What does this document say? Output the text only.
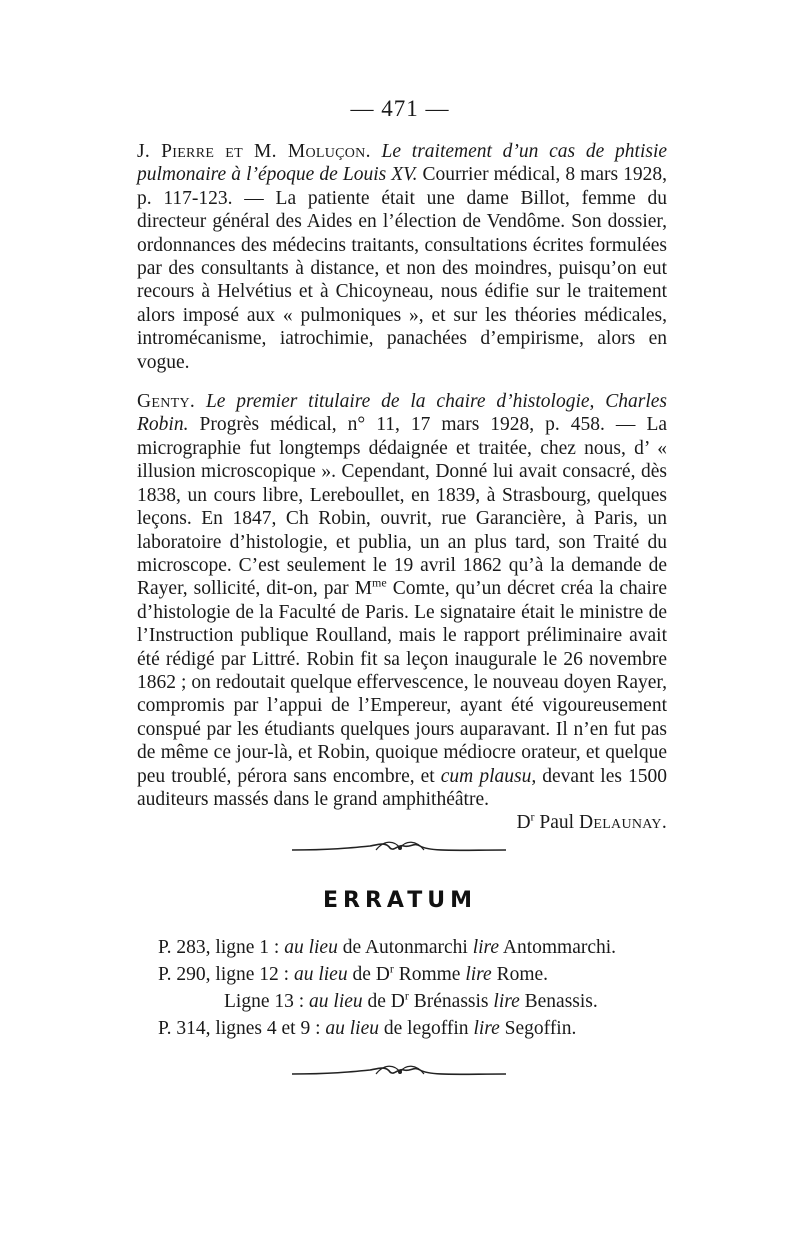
— 471 —

J. Pierre et M. Moluçon. Le traitement d’un cas de phtisie pulmonaire à l’époque de Louis XV. Courrier médical, 8 mars 1928, p. 117-123. — La patiente était une dame Billot, femme du directeur général des Aides en l’élection de Vendôme. Son dossier, ordonnances des médecins traitants, consultations écrites formulées par des consultants à distance, et non des moindres, puisqu’on eut recours à Helvétius et à Chicoyneau, nous édifie sur le traitement alors imposé aux « pulmoniques », et sur les théories médicales, intromécanisme, iatrochimie, panachées d’empirisme, alors en vogue.

Genty. Le premier titulaire de la chaire d’histologie, Charles Robin. Progrès médical, n° 11, 17 mars 1928, p. 458. — La micrographie fut longtemps dédaignée et traitée, chez nous, d’ « illusion microscopique ». Cependant, Donné lui avait consacré, dès 1838, un cours libre, Lereboullet, en 1839, à Strasbourg, quelques leçons. En 1847, Ch Robin, ouvrit, rue Garancière, à Paris, un laboratoire d’histologie, et publia, un an plus tard, son Traité du microscope. C’est seulement le 19 avril 1862 qu’à la demande de Rayer, sollicité, dit-on, par $M^{me}$ Comte, qu’un décret créa la chaire d’histologie de la Faculté de Paris. Le signataire était le ministre de l’Instruction publique Roulland, mais le rapport préliminaire avait été rédigé par Littré. Robin fit sa leçon inaugurale le 26 novembre 1862 ; on redoutait quelque effervescence, le nouveau doyen Rayer, compromis par l’appui de l’Empereur, ayant été vigoureusement conspué par les étudiants quelques jours auparavant. Il n’en fut pas de même ce jour-là, et Robin, quoique médiocre orateur, et quelque peu troublé, pérora sans encombre, et cum plausu, devant les 1500 auditeurs massés dans le grand amphithéâtre.
$D^r$ Paul Delaunay.

ERRATUM
P. 283, ligne 1 : au lieu de Autonmarchi lire Antommarchi.
P. 290, ligne 12 : au lieu de $D^r$ Romme lire Rome.
Ligne 13 : au lieu de $D^r$ Brénassis lire Benassis.
P. 314, lignes 4 et 9 : au lieu de legoffin lire Segoffin.
